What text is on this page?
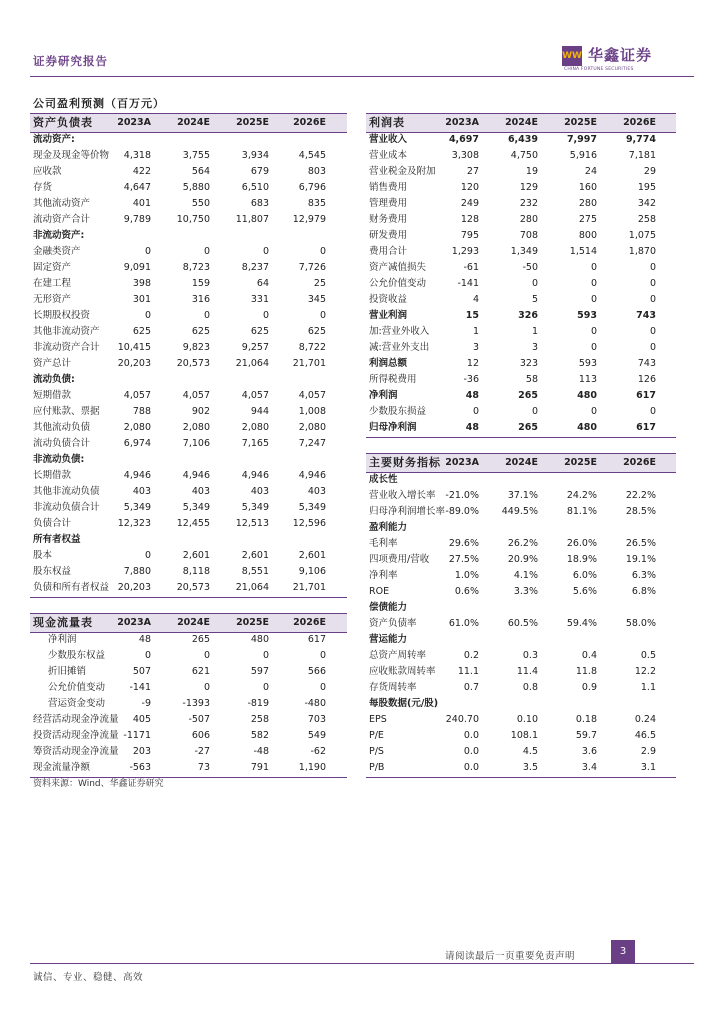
证券研究报告	WW 华鑫证券
CHINA FORTUNE SECURITIES
公司盈利预测（百万元）
资产负债表	2023A	2024E	2025E	2026E
流动资产:
现金及现金等价物	4,318	3,755	3,934	4,545
应收款	422	564	679	803
存货	4,647	5,880	6,510	6,796
其他流动资产	401	550	683	835
流动资产合计	9,789	10,750	11,807	12,979
非流动资产:
金融类资产	0	0	0	0
固定资产	9,091	8,723	8,237	7,726
在建工程	398	159	64	25
无形资产	301	316	331	345
长期股权投资	0	0	0	0
其他非流动资产	625	625	625	625
非流动资产合计	10,415	9,823	9,257	8,722
资产总计	20,203	20,573	21,064	21,701
流动负债:
短期借款	4,057	4,057	4,057	4,057
应付账款、票据	788	902	944	1,008
其他流动负债	2,080	2,080	2,080	2,080
流动负债合计	6,974	7,106	7,165	7,247
非流动负债:
长期借款	4,946	4,946	4,946	4,946
其他非流动负债	403	403	403	403
非流动负债合计	5,349	5,349	5,349	5,349
负债合计	12,323	12,455	12,513	12,596
所有者权益
股本	0	2,601	2,601	2,601
股东权益	7,880	8,118	8,551	9,106
负债和所有者权益 20,203	20,573	21,064	21,701
利润表	2023A	2024E	2025E	2026E
营业收入	4,697	6,439	7,997	9,774
营业成本	3,308	4,750	5,916	7,181
营业税金及附加	27	19	24	29
销售费用	120	129	160	195
管理费用	249	232	280	342
财务费用	128	280	275	258
研发费用	795	708	800	1,075
费用合计	1,293	1,349	1,514	1,870
资产减值损失	-61	-50	0	0
公允价值变动	-141	0	0	0
投资收益	4	5	0	0
营业利润	15	326	593	743
加:营业外收入	1	1	0	0
减:营业外支出	3	3	0	0
利润总额	12	323	593	743
所得税费用	-36	58	113	126
净利润	48	265	480	617
少数股东损益	0	0	0	0
归母净利润	48	265	480	617
主要财务指标 2023A	2024E	2025E	2026E
成长性
营业收入增长率	-21.0%	37.1%	24.2%	22.2%
归母净利润增长率 -89.0%	449.5%	81.1%	28.5%
盈利能力
毛利率	29.6%	26.2%	26.0%	26.5%
四项费用/营收	27.5%	20.9%	18.9%	19.1%
净利率	1.0%	4.1%	6.0%	6.3%
ROE	0.6%	3.3%	5.6%	6.8%
偿债能力
资产负债率	61.0%	60.5%	59.4%	58.0%
营运能力
总资产周转率	0.2	0.3	0.4	0.5
应收账款周转率	11.1	11.4	11.8	12.2
存货周转率	0.7	0.8	0.9	1.1
每股数据(元/股)
EPS	240.70	0.10	0.18	0.24
P/E	0.0	108.1	59.7	46.5
P/S	0.0	4.5	3.6	2.9
P/B	0.0	3.5	3.4	3.1
现金流量表	2023A	2024E	2025E	2026E
净利润	48	265	480	617
少数股东权益	0	0	0	0
折旧摊销	507	621	597	566
公允价值变动	-141	0	0	0
营运资金变动	-9	-1393	-819	-480
经营活动现金净流量	405	-507	258	703
投资活动现金净流量 -1171	606	582	549
筹资活动现金净流量	203	-27	-48	-62
现金流量净额	-563	73	791	1,190
资料来源：Wind、华鑫证券研究
请阅读最后一页重要免责声明	3
诚信、专业、稳健、高效
